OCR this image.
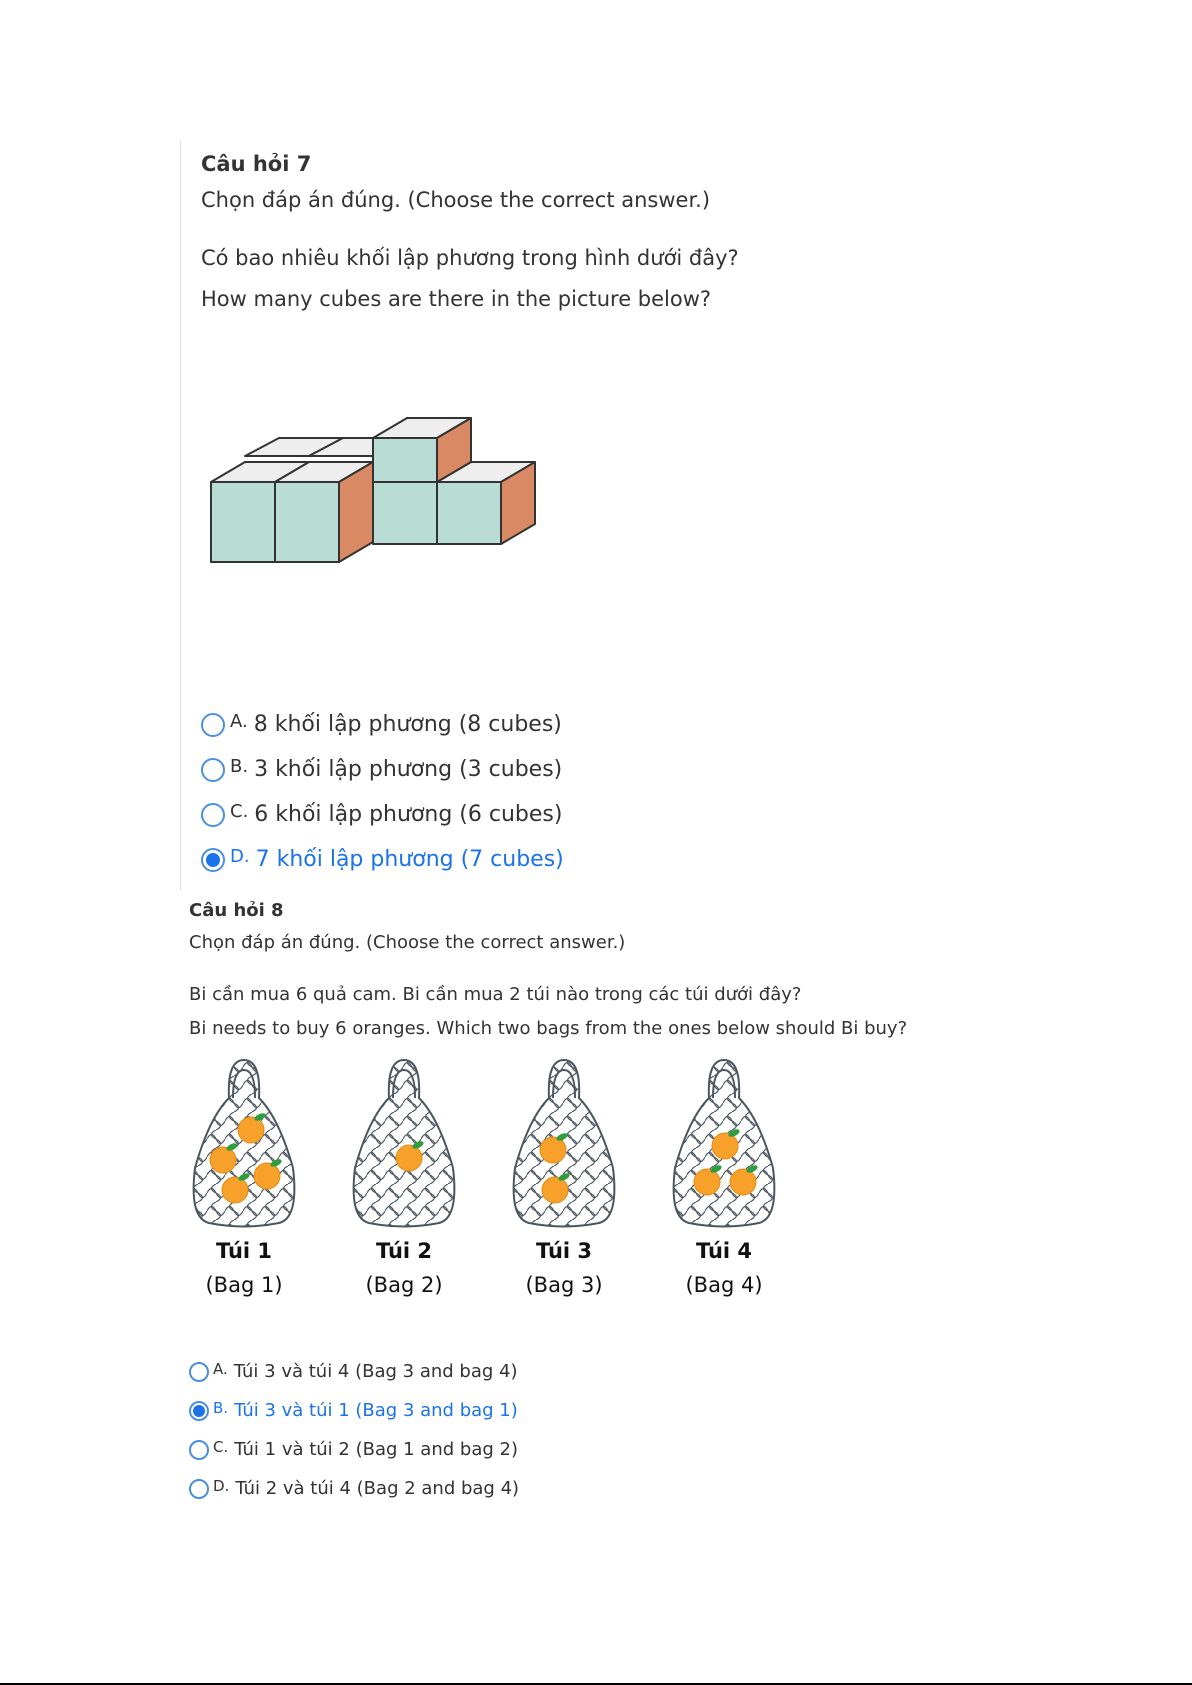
Câu hỏi 7
Chọn đáp án đúng. (Choose the correct answer.)
Có bao nhiêu khối lập phương trong hình dưới đây?
How many cubes are there in the picture below?
A. 8 khối lập phương (8 cubes)
B. 3 khối lập phương (3 cubes)
C. 6 khối lập phương (6 cubes)
D. 7 khối lập phương (7 cubes)
Câu hỏi 8
Chọn đáp án đúng. (Choose the correct answer.)
Bi cần mua 6 quả cam. Bi cần mua 2 túi nào trong các túi dưới đây?
Bi needs to buy 6 oranges. Which two bags from the ones below should Bi buy?
Túi 1
(Bag 1)
Túi 2
(Bag 2)
Túi 3
(Bag 3)
Túi 4
(Bag 4)
A. Túi 3 và túi 4 (Bag 3 and bag 4)
B. Túi 3 và túi 1 (Bag 3 and bag 1)
C. Túi 1 và túi 2 (Bag 1 and bag 2)
D. Túi 2 và túi 4 (Bag 2 and bag 4)
